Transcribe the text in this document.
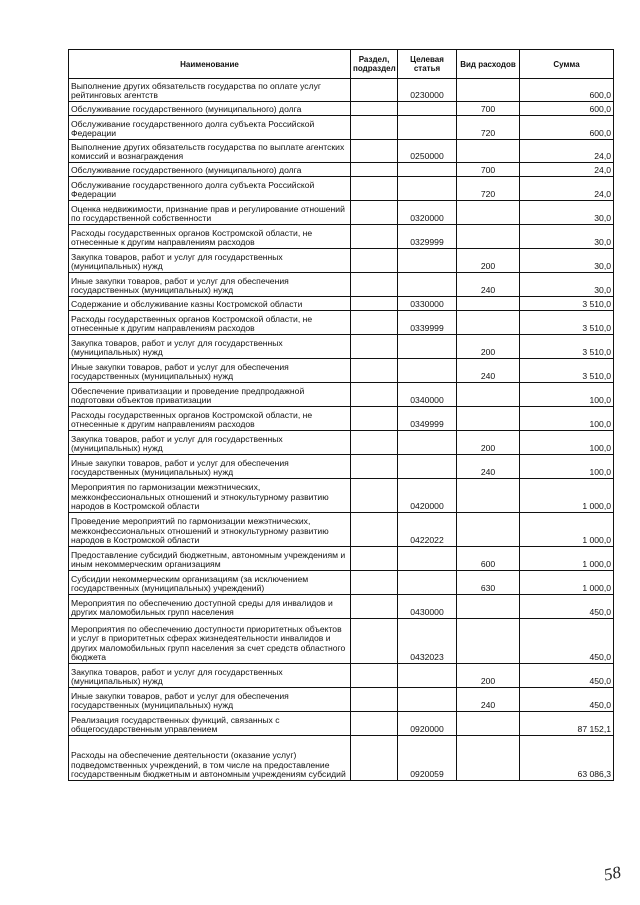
Наименование	Раздел, подраздел	Целевая статья	Вид расходов	Сумма
Выполнение других обязательств государства по оплате услуг рейтинговых агентств		0230000		600,0
Обслуживание государственного (муниципального) долга			700	600,0
Обслуживание государственного долга субъекта Российской Федерации			720	600,0
Выполнение других обязательств государства по выплате агентских комиссий и вознаграждения		0250000		24,0
Обслуживание государственного (муниципального) долга			700	24,0
Обслуживание государственного долга субъекта Российской Федерации			720	24,0
Оценка недвижимости, признание прав и регулирование отношений по государственной собственности		0320000		30,0
Расходы государственных органов Костромской области, не отнесенные к другим направлениям расходов		0329999		30,0
Закупка товаров, работ и услуг для государственных (муниципальных) нужд			200	30,0
Иные закупки товаров, работ и услуг для обеспечения государственных (муниципальных) нужд			240	30,0
Содержание и обслуживание казны Костромской области		0330000		3 510,0
Расходы государственных органов Костромской области, не отнесенные к другим направлениям расходов		0339999		3 510,0
Закупка товаров, работ и услуг для государственных (муниципальных) нужд			200	3 510,0
Иные закупки товаров, работ и услуг для обеспечения государственных (муниципальных) нужд			240	3 510,0
Обеспечение приватизации и проведение предпродажной подготовки объектов приватизации		0340000		100,0
Расходы государственных органов Костромской области, не отнесенные к другим направлениям расходов		0349999		100,0
Закупка товаров, работ и услуг для государственных (муниципальных) нужд			200	100,0
Иные закупки товаров, работ и услуг для обеспечения государственных (муниципальных) нужд			240	100,0
Мероприятия по гармонизации межэтнических, межконфессиональных отношений и этнокультурному развитию народов в Костромской области		0420000		1 000,0
Проведение мероприятий по гармонизации межэтнических, межконфессиональных отношений и этнокультурному развитию народов в Костромской области		0422022		1 000,0
Предоставление субсидий бюджетным, автономным учреждениям и иным некоммерческим организациям			600	1 000,0
Субсидии некоммерческим организациям (за исключением государственных (муниципальных) учреждений)			630	1 000,0
Мероприятия по обеспечению доступной среды для инвалидов и других маломобильных групп населения		0430000		450,0
Мероприятия по обеспечению доступности приоритетных объектов и услуг в приоритетных сферах жизнедеятельности инвалидов и других маломобильных групп населения за счет средств областного бюджета		0432023		450,0
Закупка товаров, работ и услуг для государственных (муниципальных) нужд			200	450,0
Иные закупки товаров, работ и услуг для обеспечения государственных (муниципальных) нужд			240	450,0
Реализация государственных функций, связанных с общегосударственным управлением		0920000		87 152,1
Расходы на обеспечение деятельности (оказание услуг) подведомственных учреждений, в том числе на предоставление государственным бюджетным и автономным учреждениям субсидий		0920059		63 086,3
58
